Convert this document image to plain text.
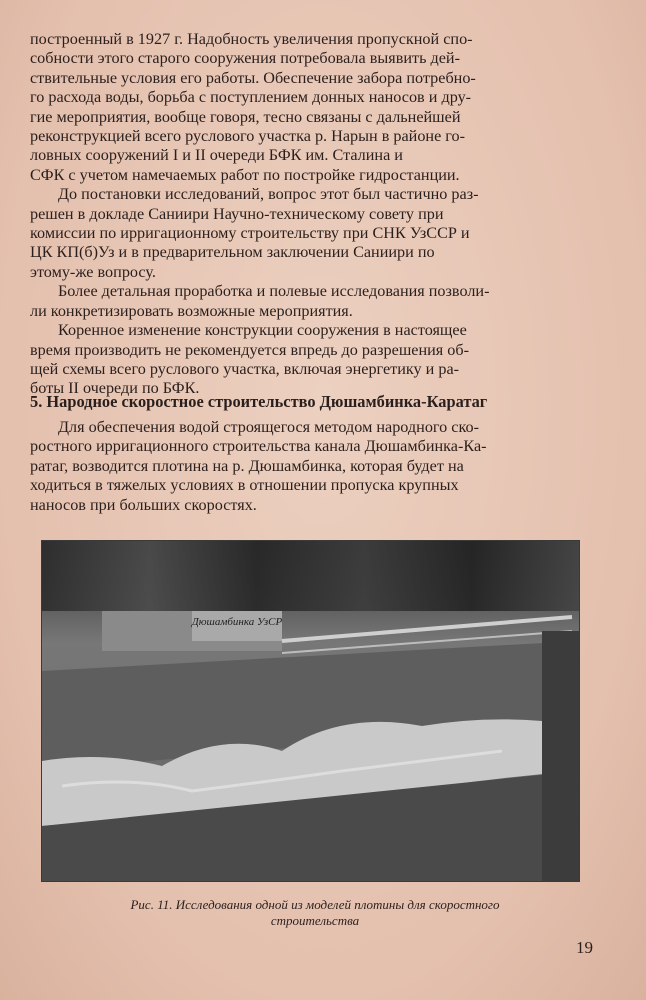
построенный в 1927 г. Надобность увеличения пропускной спо-
собности этого старого сооружения потребовала выявить дей-
ствительные условия его работы. Обеспечение забора потребно-
го расхода воды, борьба с поступлением донных наносов и дру-
гие мероприятия, вообще говоря, тесно связаны с дальнейшей
реконструкцией всего руслового участка р. Нарын в районе го-
ловных сооружений I и II очереди БФК им. Сталина и
СФК с учетом намечаемых работ по постройке гидростанции.

До постановки исследований, вопрос этот был частично раз-
решен в докладе Саниири Научно-техническому совету при
комиссии по ирригационному строительству при СНК УзССР и
ЦК КП(б)Уз и в предварительном заключении Саниири по
этому-же вопросу.

Более детальная проработка и полевые исследования позволи-
ли конкретизировать возможные мероприятия.

Коренное изменение конструкции сооружения в настоящее
время производить не рекомендуется впредь до разрешения об-
щей схемы всего руслового участка, включая энергетику и ра-
боты II очереди по БФК.

5. Народное скоростное строительство Дюшамбинка-Каратаг
Для обеспечения водой строящегося методом народного ско-
ростного ирригационного строительства канала Дюшамбинка-Ка-
ратаг, возводится плотина на р. Дюшамбинка, которая будет на
ходиться в тяжелых условиях в отношении пропуска крупных
наносов при больших скоростях.
Дюшамбинка УзСР
Рис. 11. Исследования одной из моделей плотины для скоростного
строительства
19
